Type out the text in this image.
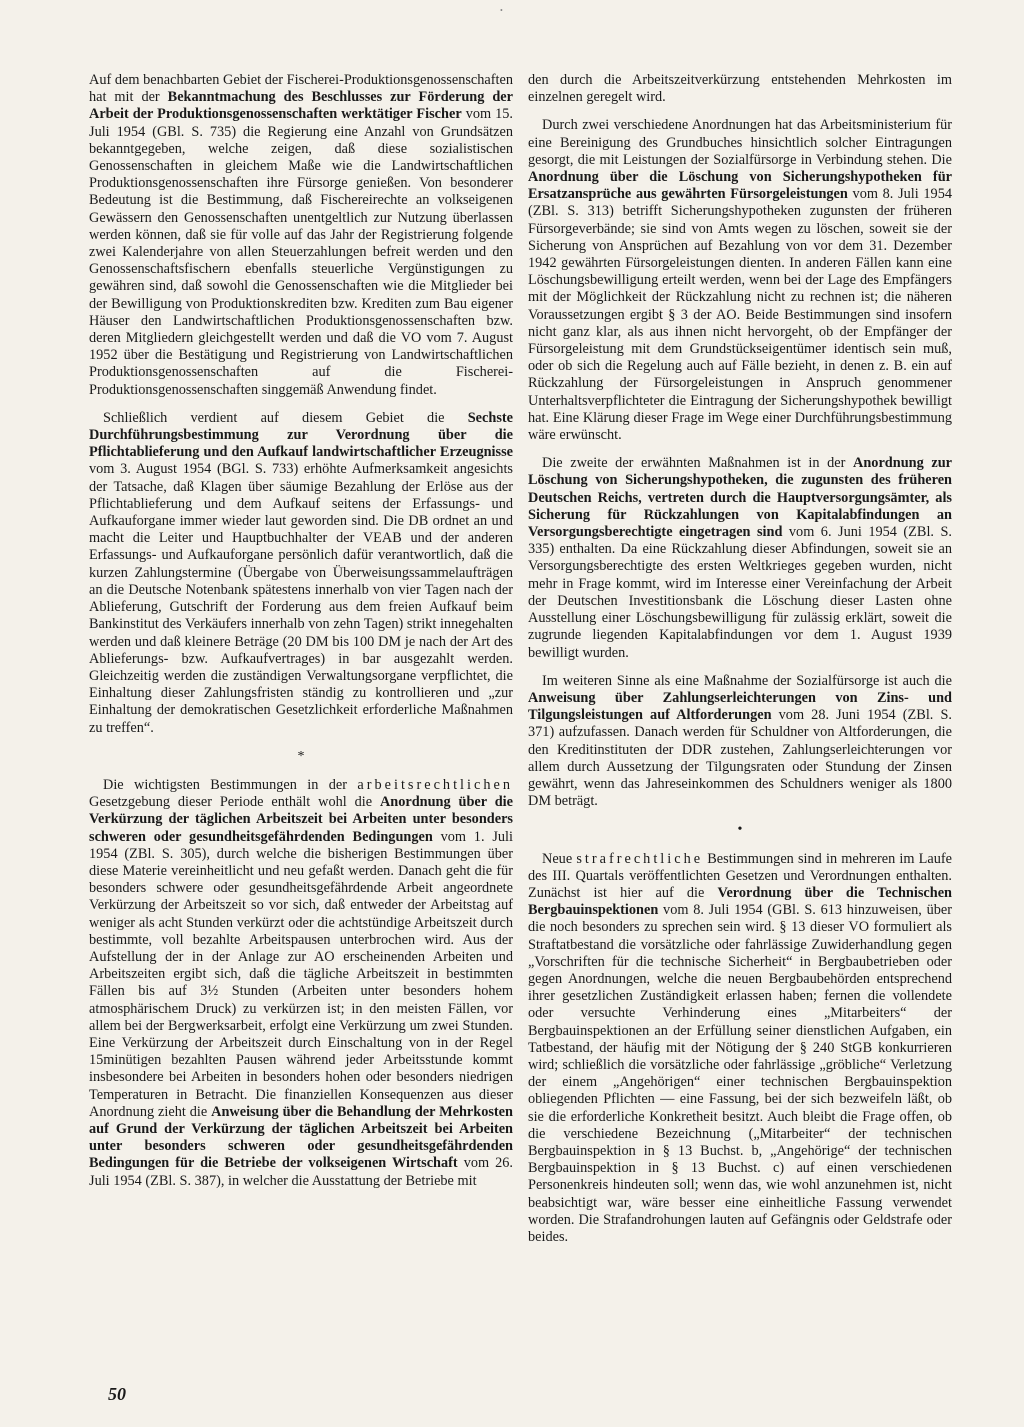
•

Auf dem benachbarten Gebiet der Fischerei-Produktionsgenossenschaften hat mit der Bekanntmachung des Beschlusses zur Förderung der Arbeit der Produktionsgenossenschaften werktätiger Fischer vom 15. Juli 1954 (GBl. S. 735) die Regierung eine Anzahl von Grundsätzen bekanntgegeben, welche zeigen, daß diese sozialistischen Genossenschaften in gleichem Maße wie die Landwirtschaftlichen Produktionsgenossenschaften ihre Fürsorge genießen. Von besonderer Bedeutung ist die Bestimmung, daß Fischereirechte an volkseigenen Gewässern den Genossenschaften unentgeltlich zur Nutzung überlassen werden können, daß sie für volle auf das Jahr der Registrierung folgende zwei Kalenderjahre von allen Steuerzahlungen befreit werden und den Genossenschaftsfischern ebenfalls steuerliche Vergünstigungen zu gewähren sind, daß sowohl die Genossenschaften wie die Mitglieder bei der Bewilligung von Produktionskrediten bzw. Krediten zum Bau eigener Häuser den Landwirtschaftlichen Produktionsgenossenschaften bzw. deren Mitgliedern gleichgestellt werden und daß die VO vom 7. August 1952 über die Bestätigung und Registrierung von Landwirtschaftlichen Produktionsgenossenschaften auf die Fischerei-Produktionsgenossenschaften singgemäß Anwendung findet.

Schließlich verdient auf diesem Gebiet die Sechste Durchführungsbestimmung zur Verordnung über die Pflichtablieferung und den Aufkauf landwirtschaftlicher Erzeugnisse vom 3. August 1954 (BGl. S. 733) erhöhte Aufmerksamkeit angesichts der Tatsache, daß Klagen über säumige Bezahlung der Erlöse aus der Pflichtablieferung und dem Aufkauf seitens der Erfassungs- und Aufkauforgane immer wieder laut geworden sind. Die DB ordnet an und macht die Leiter und Hauptbuchhalter der VEAB und der anderen Erfassungs- und Aufkauforgane persönlich dafür verantwortlich, daß die kurzen Zahlungstermine (Übergabe von Überweisungssammelaufträgen an die Deutsche Notenbank spätestens innerhalb von vier Tagen nach der Ablieferung, Gutschrift der Forderung aus dem freien Aufkauf beim Bankinstitut des Verkäufers innerhalb von zehn Tagen) strikt innegehalten werden und daß kleinere Beträge (20 DM bis 100 DM je nach der Art des Ablieferungs- bzw. Aufkaufvertrages) in bar ausgezahlt werden. Gleichzeitig werden die zuständigen Verwaltungsorgane verpflichtet, die Einhaltung dieser Zahlungsfristen ständig zu kontrollieren und „zur Einhaltung der demokratischen Gesetzlichkeit erforderliche Maßnahmen zu treffen“.

*

Die wichtigsten Bestimmungen in der arbeitsrechtlichen Gesetzgebung dieser Periode enthält wohl die Anordnung über die Verkürzung der täglichen Arbeitszeit bei Arbeiten unter besonders schweren oder gesundheitsgefährdenden Bedingungen vom 1. Juli 1954 (ZBl. S. 305), durch welche die bisherigen Bestimmungen über diese Materie vereinheitlicht und neu gefaßt werden. Danach geht die für besonders schwere oder gesundheitsgefährdende Arbeit angeordnete Verkürzung der Arbeitszeit so vor sich, daß entweder der Arbeitstag auf weniger als acht Stunden verkürzt oder die achtstündige Arbeitszeit durch bestimmte, voll bezahlte Arbeitspausen unterbrochen wird. Aus der Aufstellung der in der Anlage zur AO erscheinenden Arbeiten und Arbeitszeiten ergibt sich, daß die tägliche Arbeitszeit in bestimmten Fällen bis auf 3½ Stunden (Arbeiten unter besonders hohem atmosphärischem Druck) zu verkürzen ist; in den meisten Fällen, vor allem bei der Bergwerksarbeit, erfolgt eine Verkürzung um zwei Stunden. Eine Verkürzung der Arbeitszeit durch Einschaltung von in der Regel 15minütigen bezahlten Pausen während jeder Arbeitsstunde kommt insbesondere bei Arbeiten in besonders hohen oder besonders niedrigen Temperaturen in Betracht. Die finanziellen Konsequenzen aus dieser Anordnung zieht die Anweisung über die Behandlung der Mehrkosten auf Grund der Verkürzung der täglichen Arbeitszeit bei Arbeiten unter besonders schweren oder gesundheitsgefährdenden Bedingungen für die Betriebe der volkseigenen Wirtschaft vom 26. Juli 1954 (ZBl. S. 387), in welcher die Ausstattung der Betriebe mit

den durch die Arbeitszeitverkürzung entstehenden Mehrkosten im einzelnen geregelt wird.

Durch zwei verschiedene Anordnungen hat das Arbeitsministerium für eine Bereinigung des Grundbuches hinsichtlich solcher Eintragungen gesorgt, die mit Leistungen der Sozialfürsorge in Verbindung stehen. Die Anordnung über die Löschung von Sicherungshypotheken für Ersatzansprüche aus gewährten Fürsorgeleistungen vom 8. Juli 1954 (ZBl. S. 313) betrifft Sicherungshypotheken zugunsten der früheren Fürsorgeverbände; sie sind von Amts wegen zu löschen, soweit sie der Sicherung von Ansprüchen auf Bezahlung von vor dem 31. Dezember 1942 gewährten Fürsorgeleistungen dienten. In anderen Fällen kann eine Löschungsbewilligung erteilt werden, wenn bei der Lage des Empfängers mit der Möglichkeit der Rückzahlung nicht zu rechnen ist; die näheren Voraussetzungen ergibt § 3 der AO. Beide Bestimmungen sind insofern nicht ganz klar, als aus ihnen nicht hervorgeht, ob der Empfänger der Fürsorgeleistung mit dem Grundstückseigentümer identisch sein muß, oder ob sich die Regelung auch auf Fälle bezieht, in denen z. B. ein auf Rückzahlung der Fürsorgeleistungen in Anspruch genommener Unterhaltsverpflichteter die Eintragung der Sicherungshypothek bewilligt hat. Eine Klärung dieser Frage im Wege einer Durchführungsbestimmung wäre erwünscht.

Die zweite der erwähnten Maßnahmen ist in der Anordnung zur Löschung von Sicherungshypotheken, die zugunsten des früheren Deutschen Reichs, vertreten durch die Hauptversorgungsämter, als Sicherung für Rückzahlungen von Kapitalabfindungen an Versorgungsberechtigte eingetragen sind vom 6. Juni 1954 (ZBl. S. 335) enthalten. Da eine Rückzahlung dieser Abfindungen, soweit sie an Versorgungsberechtigte des ersten Weltkrieges gegeben wurden, nicht mehr in Frage kommt, wird im Interesse einer Vereinfachung der Arbeit der Deutschen Investitionsbank die Löschung dieser Lasten ohne Ausstellung einer Löschungsbewilligung für zulässig erklärt, soweit die zugrunde liegenden Kapitalabfindungen vor dem 1. August 1939 bewilligt wurden.

Im weiteren Sinne als eine Maßnahme der Sozialfürsorge ist auch die Anweisung über Zahlungserleichterungen von Zins- und Tilgungsleistungen auf Altforderungen vom 28. Juni 1954 (ZBl. S. 371) aufzufassen. Danach werden für Schuldner von Altforderungen, die den Kreditinstituten der DDR zustehen, Zahlungserleichterungen vor allem durch Aussetzung der Tilgungsraten oder Stundung der Zinsen gewährt, wenn das Jahreseinkommen des Schuldners weniger als 1800 DM beträgt.

•

Neue strafrechtliche Bestimmungen sind in mehreren im Laufe des III. Quartals veröffentlichten Gesetzen und Verordnungen enthalten. Zunächst ist hier auf die Verordnung über die Technischen Bergbauinspektionen vom 8. Juli 1954 (GBl. S. 613 hinzuweisen, über die noch besonders zu sprechen sein wird. § 13 dieser VO formuliert als Straftatbestand die vorsätzliche oder fahrlässige Zuwiderhandlung gegen „Vorschriften für die technische Sicherheit“ in Bergbaubetrieben oder gegen Anordnungen, welche die neuen Bergbaubehörden entsprechend ihrer gesetzlichen Zuständigkeit erlassen haben; fernen die vollendete oder versuchte Verhinderung eines „Mitarbeiters“ der Bergbauinspektionen an der Erfüllung seiner dienstlichen Aufgaben, ein Tatbestand, der häufig mit der Nötigung der § 240 StGB konkurrieren wird; schließlich die vorsätzliche oder fahrlässige „gröbliche“ Verletzung der einem „Angehörigen“ einer technischen Bergbauinspektion obliegenden Pflichten — eine Fassung, bei der sich bezweifeln läßt, ob sie die erforderliche Konkretheit besitzt. Auch bleibt die Frage offen, ob die verschiedene Bezeichnung („Mitarbeiter“ der technischen Bergbauinspektion in § 13 Buchst. b, „Angehörige“ der technischen Bergbauinspektion in § 13 Buchst. c) auf einen verschiedenen Personenkreis hindeuten soll; wenn das, wie wohl anzunehmen ist, nicht beabsichtigt war, wäre besser eine einheitliche Fassung verwendet worden. Die Strafandrohungen lauten auf Gefängnis oder Geldstrafe oder beides.

50
